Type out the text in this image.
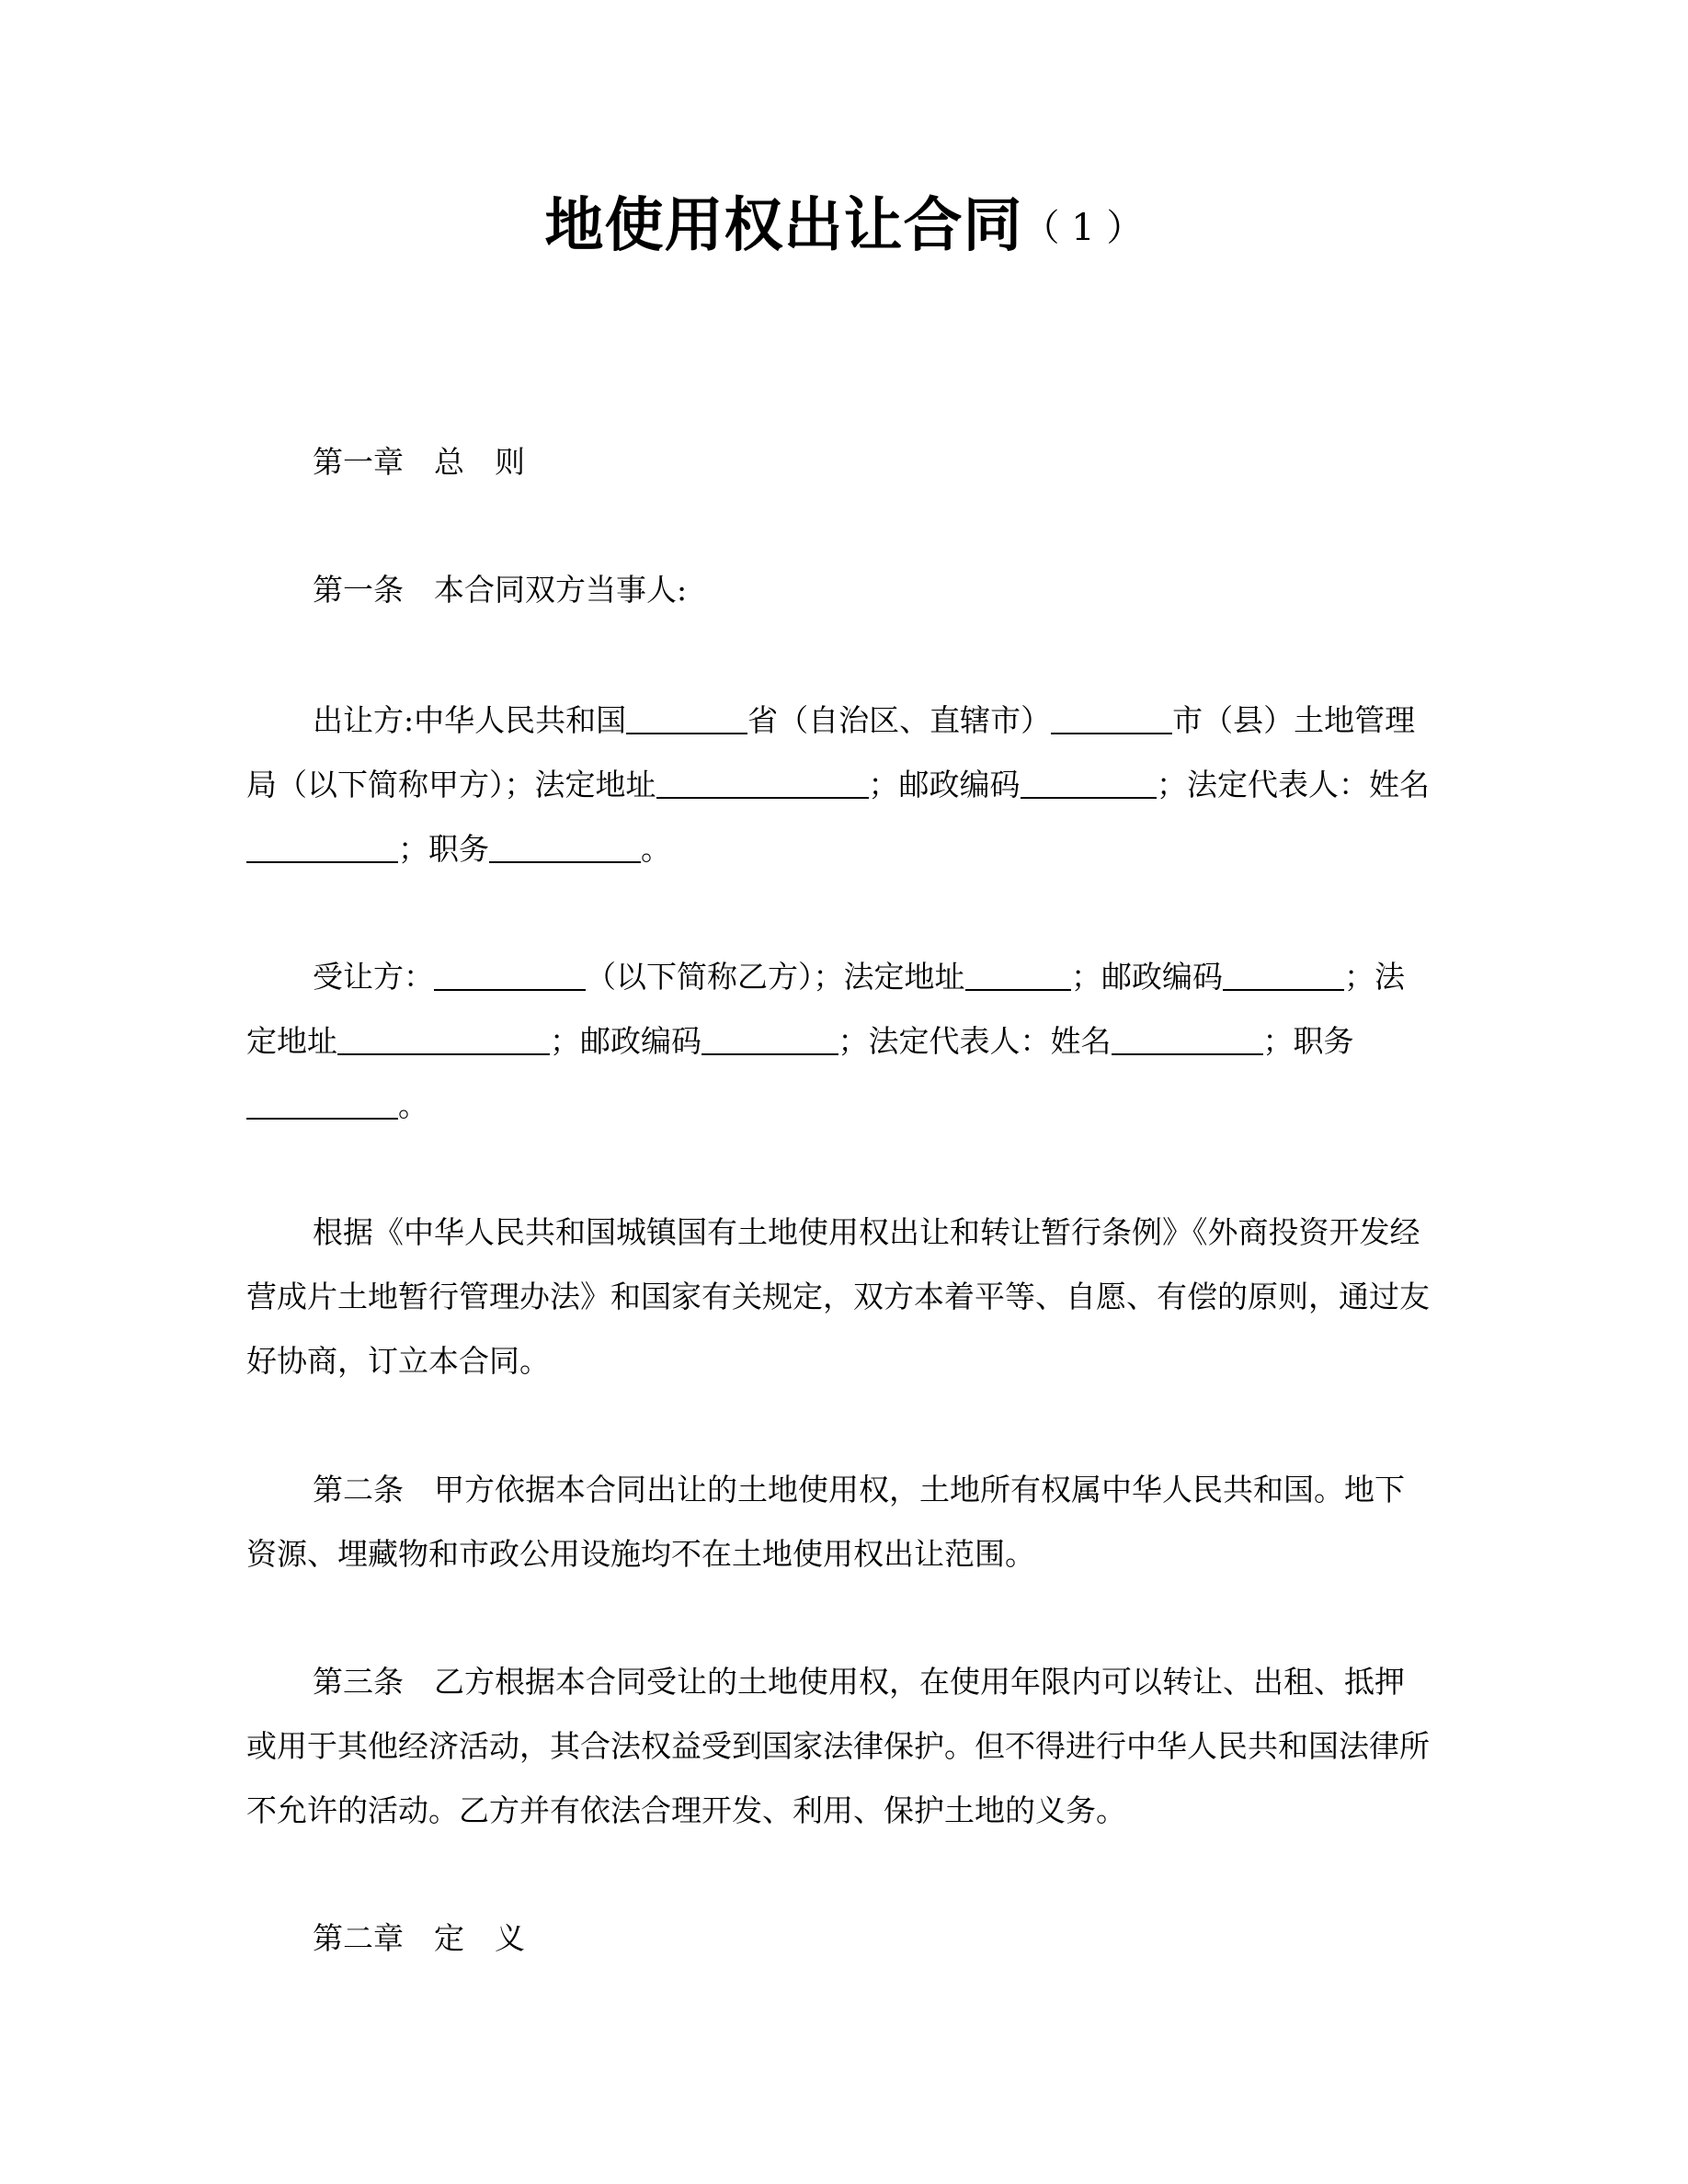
地使用权出让合同（ 1 ）

第一章　总　则

第一条　本合同双方当事人:

出让方:中华人民共和国	省（自治区、直辖市）	市（县）土地管理局（以下简称甲方）；法定地址	；邮政编码	；法定代表人：姓名；职务	。

受让方：	（以下简称乙方）；法定地址	；邮政编码	；法定地址	；邮政编码	；法定代表人：姓名	；职务。

根据《中华人民共和国城镇国有土地使用权出让和转让暂行条例》《外商投资开发经营成片土地暂行管理办法》和国家有关规定，双方本着平等、自愿、有偿的原则，通过友好协商，订立本合同。

第二条　甲方依据本合同出让的土地使用权，土地所有权属中华人民共和国。地下资源、埋藏物和市政公用设施均不在土地使用权出让范围。

第三条　乙方根据本合同受让的土地使用权，在使用年限内可以转让、出租、抵押或用于其他经济活动，其合法权益受到国家法律保护。但不得进行中华人民共和国法律所不允许的活动。乙方并有依法合理开发、利用、保护土地的义务。

第二章　定　义
